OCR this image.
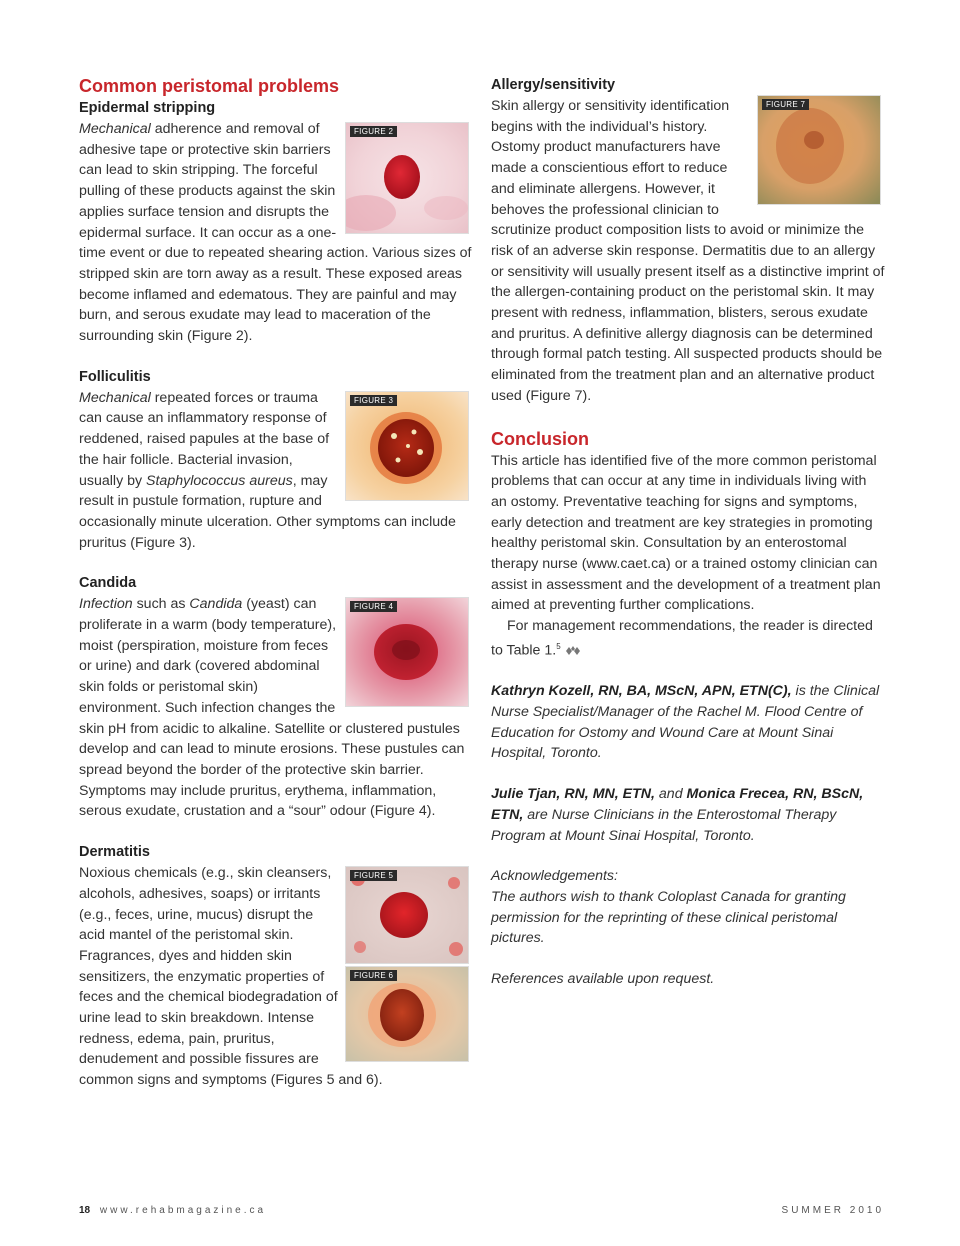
Common peristomal problems
Epidermal stripping
FIGURE 2

Mechanical adherence and removal of adhesive tape or protective skin barriers can lead to skin stripping. The forceful pulling of these products against the skin applies surface tension and disrupts the epidermal surface. It can occur as a one-time event or due to repeated shearing action. Various sizes of stripped skin are torn away as a result. These exposed areas become inflamed and edematous. They are painful and may burn, and serous exudate may lead to maceration of the surrounding skin (Figure 2).

Folliculitis
FIGURE 3

Mechanical repeated forces or trauma can cause an inflammatory response of reddened, raised papules at the base of the hair follicle. Bacterial invasion, usually by Staphylococcus aureus, may result in pustule formation, rupture and occasionally minute ulceration. Other symptoms can include pruritus (Figure 3).

Candida
FIGURE 4

Infection such as Candida (yeast) can proliferate in a warm (body temperature), moist (perspiration, moisture from feces or urine) and dark (covered abdominal skin folds or peristomal skin) environment. Such infection changes the skin pH from acidic to alkaline. Satellite or clustered pustules develop and can lead to minute erosions. These pustules can spread beyond the border of the protective skin barrier. Symptoms may include pruritus, erythema, inflammation, serous exudate, crustation and a “sour” odour (Figure 4).

Dermatitis
FIGURE 5
FIGURE 6

Noxious chemicals (e.g., skin cleansers, alcohols, adhesives, soaps) or irritants (e.g., feces, urine, mucus) disrupt the acid mantel of the peristomal skin. Fragrances, dyes and hidden skin sensitizers, the enzymatic properties of feces and the chemical biodegradation of urine lead to skin breakdown. Intense redness, edema, pain, pruritus, denudement and possible fissures are common signs and symptoms (Figures 5 and 6).

Allergy/sensitivity
FIGURE 7

Skin allergy or sensitivity identification begins with the individual’s history. Ostomy product manufacturers have made a conscientious effort to reduce and eliminate allergens. However, it behoves the professional clinician to scrutinize product composition lists to avoid or minimize the risk of an adverse skin response. Dermatitis due to an allergy or sensitivity will usually present itself as a distinctive imprint of the allergen-containing product on the peristomal skin. It may present with redness, inflammation, blisters, serous exudate and pruritus. A definitive allergy diagnosis can be determined through formal patch testing. All suspected products should be eliminated from the treatment plan and an alternative product used (Figure 7).

Conclusion

This article has identified five of the more common peristomal problems that can occur at any time in individuals living with an ostomy. Preventative teaching for signs and symptoms, early detection and treatment are key strategies in promoting healthy peristomal skin. Consultation by an enterostomal therapy nurse (www.caet.ca) or a trained ostomy clinician can assist in assessment and the development of a treatment plan aimed at preventing further complications.

For management recommendations, the reader is directed to Table 1.$^5$

Kathryn Kozell, RN, BA, MScN, APN, ETN(C), is the Clinical Nurse Specialist/Manager of the Rachel M. Flood Centre of Education for Ostomy and Wound Care at Mount Sinai Hospital, Toronto.

Julie Tjan, RN, MN, ETN, and Monica Frecea, RN, BScN, ETN, are Nurse Clinicians in the Enterostomal Therapy Program at Mount Sinai Hospital, Toronto.

Acknowledgements:

The authors wish to thank Coloplast Canada for granting permission for the reprinting of these clinical peristomal pictures.

References available upon request.

18 www.rehabmagazine.ca	SUMMER 2010
